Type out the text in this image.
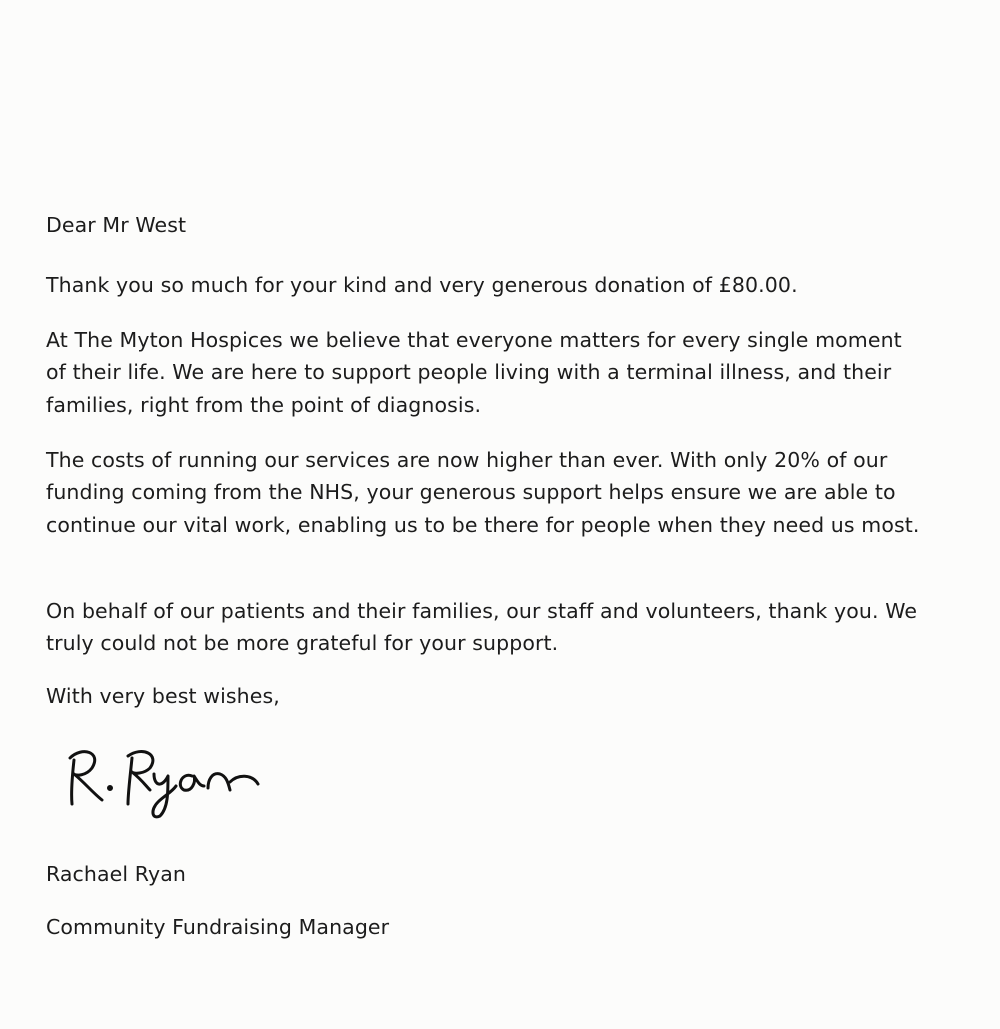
Dear Mr West

Thank you so much for your kind and very generous donation of £80.00.

At The Myton Hospices we believe that everyone matters for every single moment of their life. We are here to support people living with a terminal illness, and their families, right from the point of diagnosis.

The costs of running our services are now higher than ever. With only 20% of our funding coming from the NHS, your generous support helps ensure we are able to continue our vital work, enabling us to be there for people when they need us most.

On behalf of our patients and their families, our staff and volunteers, thank you. We truly could not be more grateful for your support.

With very best wishes,

Rachael Ryan

Community Fundraising Manager
